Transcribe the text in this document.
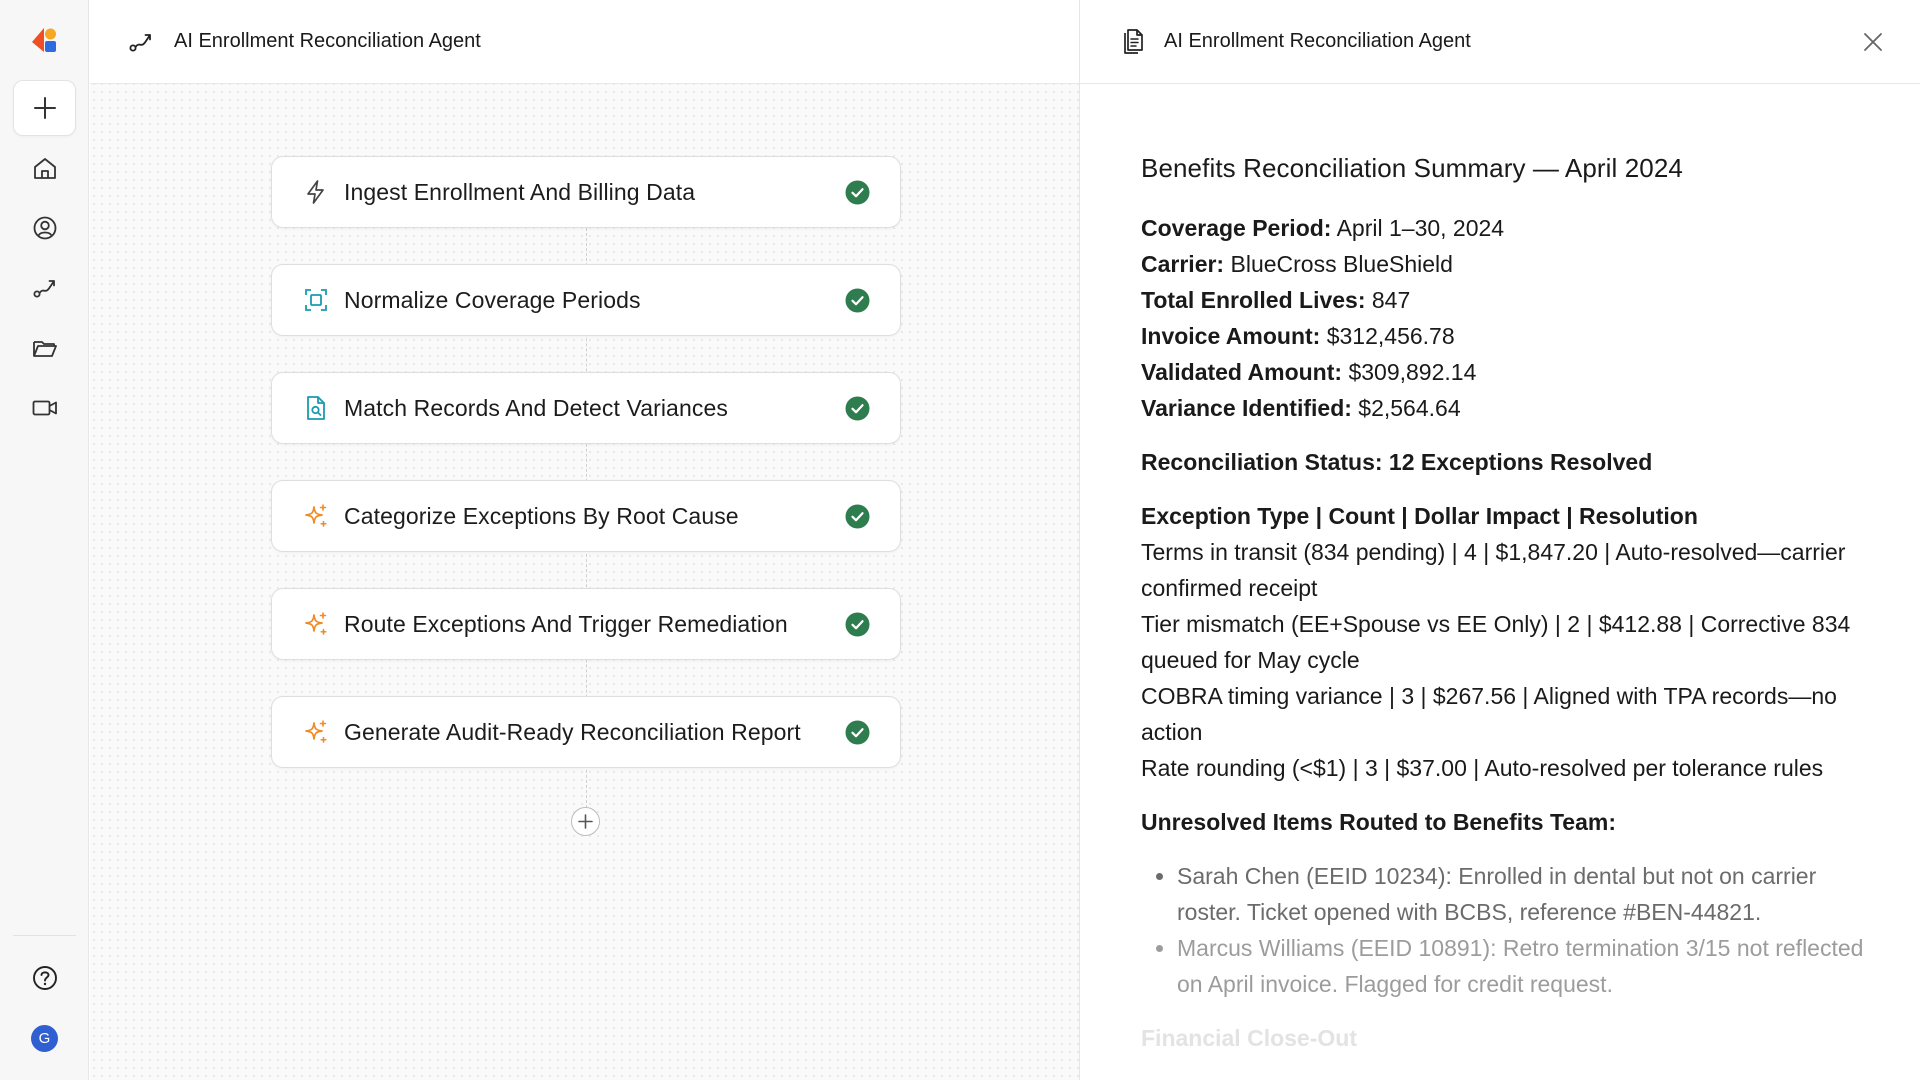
G
AI Enrollment Reconciliation Agent
Ingest Enrollment And Billing Data
Normalize Coverage Periods
Match Records And Detect Variances
Categorize Exceptions By Root Cause
Route Exceptions And Trigger Remediation
Generate Audit-Ready Reconciliation Report
AI Enrollment Reconciliation Agent
Benefits Reconciliation Summary — April 2024
Coverage Period: April 1–30, 2024
Carrier: BlueCross BlueShield
Total Enrolled Lives: 847
Invoice Amount: $312,456.78
Validated Amount: $309,892.14
Variance Identified: $2,564.64
Reconciliation Status: 12 Exceptions Resolved
Exception Type | Count | Dollar Impact | Resolution
Terms in transit (834 pending) | 4 | $1,847.20 | Auto-resolved—carrier confirmed receipt
Tier mismatch (EE+Spouse vs EE Only) | 2 | $412.88 | Corrective 834 queued for May cycle
COBRA timing variance | 3 | $267.56 | Aligned with TPA records—no action
Rate rounding (<$1) | 3 | $37.00 | Auto-resolved per tolerance rules
Unresolved Items Routed to Benefits Team:
• Sarah Chen (EEID 10234): Enrolled in dental but not on carrier roster. Ticket opened with BCBS, reference #BEN-44821.
• Marcus Williams (EEID 10891): Retro termination 3/15 not reflected on April invoice. Flagged for credit request.
Financial Close-Out
